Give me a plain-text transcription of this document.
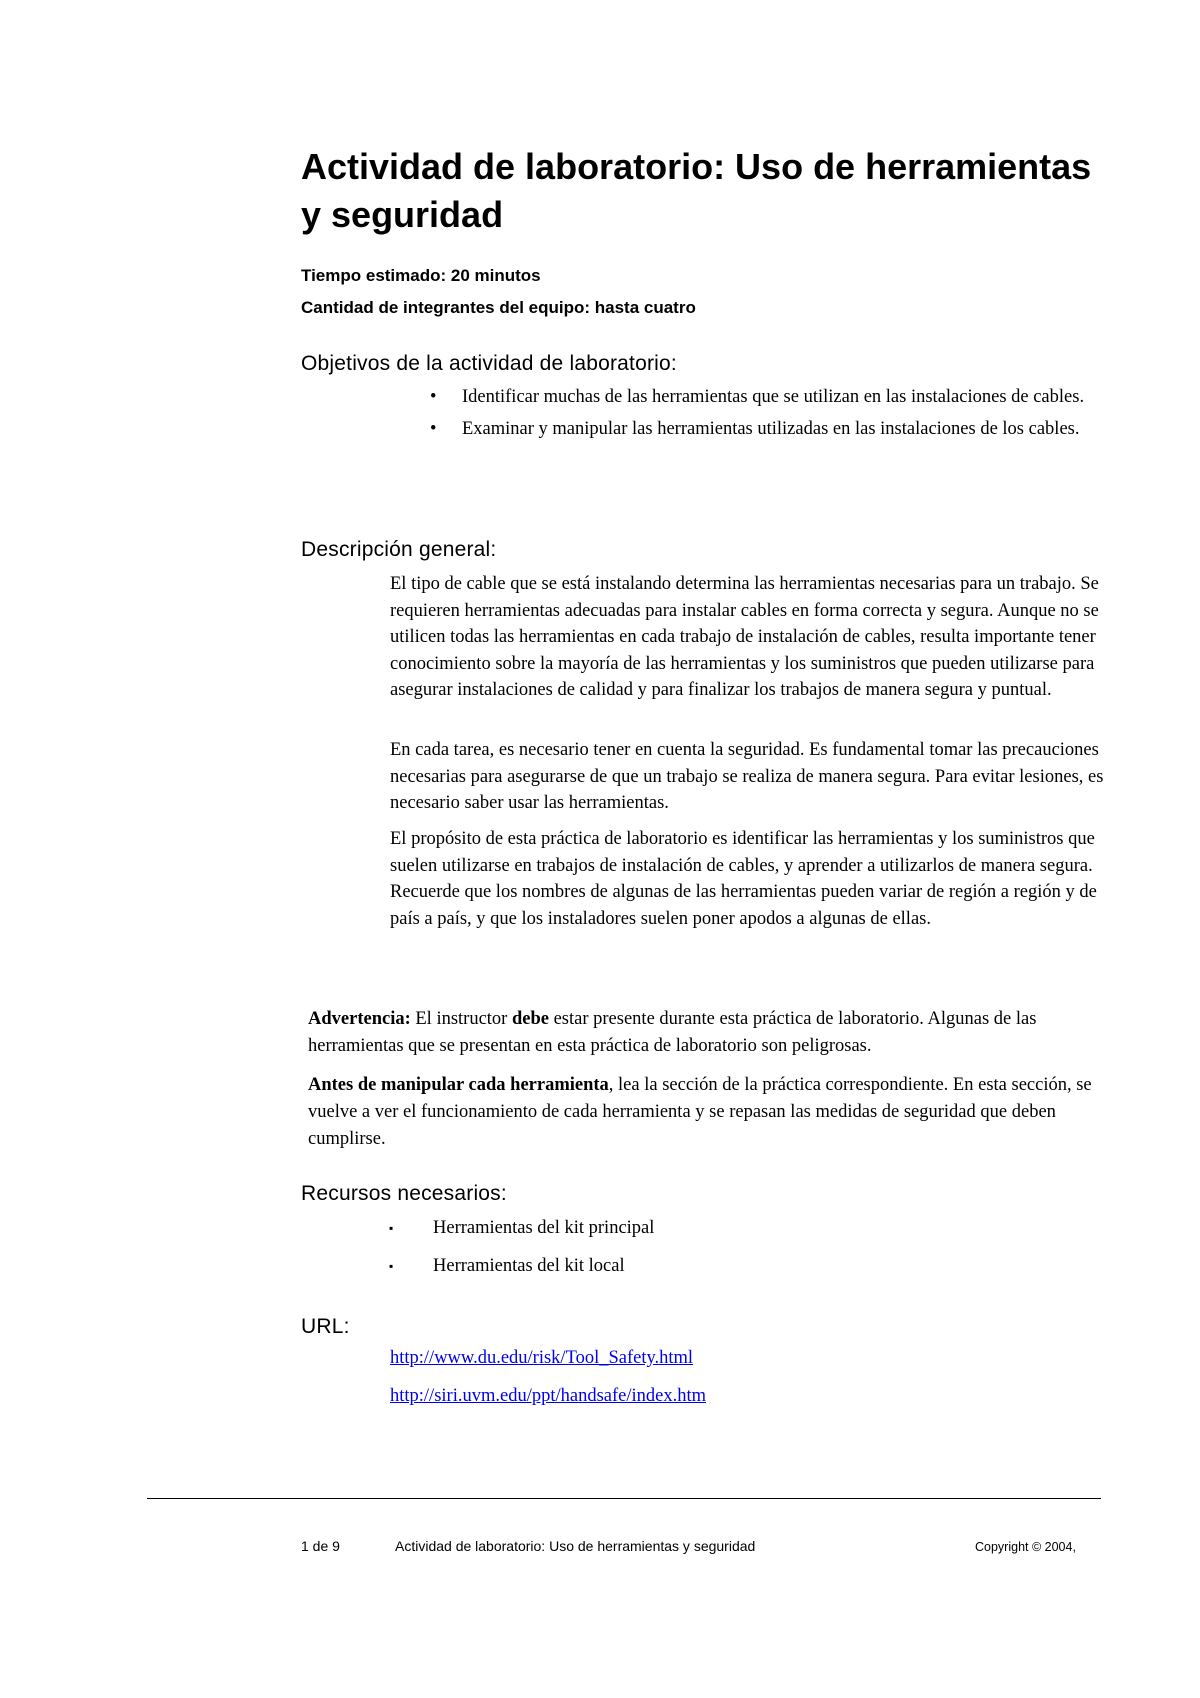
Actividad de laboratorio: Uso de herramientas y seguridad

Tiempo estimado: 20 minutos

Cantidad de integrantes del equipo: hasta cuatro

Objetivos de la actividad de laboratorio:
• Identificar muchas de las herramientas que se utilizan en las instalaciones de cables.
• Examinar y manipular las herramientas utilizadas en las instalaciones de los cables.
Descripción general:

El tipo de cable que se está instalando determina las herramientas necesarias para un trabajo. Se requieren herramientas adecuadas para instalar cables en forma correcta y segura. Aunque no se utilicen todas las herramientas en cada trabajo de instalación de cables, resulta importante tener conocimiento sobre la mayoría de las herramientas y los suministros que pueden utilizarse para asegurar instalaciones de calidad y para finalizar los trabajos de manera segura y puntual.

En cada tarea, es necesario tener en cuenta la seguridad. Es fundamental tomar las precauciones necesarias para asegurarse de que un trabajo se realiza de manera segura. Para evitar lesiones, es necesario saber usar las herramientas.

El propósito de esta práctica de laboratorio es identificar las herramientas y los suministros que suelen utilizarse en trabajos de instalación de cables, y aprender a utilizarlos de manera segura. Recuerde que los nombres de algunas de las herramientas pueden variar de región a región y de país a país, y que los instaladores suelen poner apodos a algunas de ellas.

Advertencia: El instructor debe estar presente durante esta práctica de laboratorio. Algunas de las herramientas que se presentan en esta práctica de laboratorio son peligrosas.

Antes de manipular cada herramienta, lea la sección de la práctica correspondiente. En esta sección, se vuelve a ver el funcionamiento de cada herramienta y se repasan las medidas de seguridad que deben cumplirse.

Recursos necesarios:
▪ Herramientas del kit principal
▪ Herramientas del kit local
URL:
http://www.du.edu/risk/Tool_Safety.html
http://siri.uvm.edu/ppt/handsafe/index.htm
1 de 9	Actividad de laboratorio: Uso de herramientas y seguridad	Copyright © 2004,
